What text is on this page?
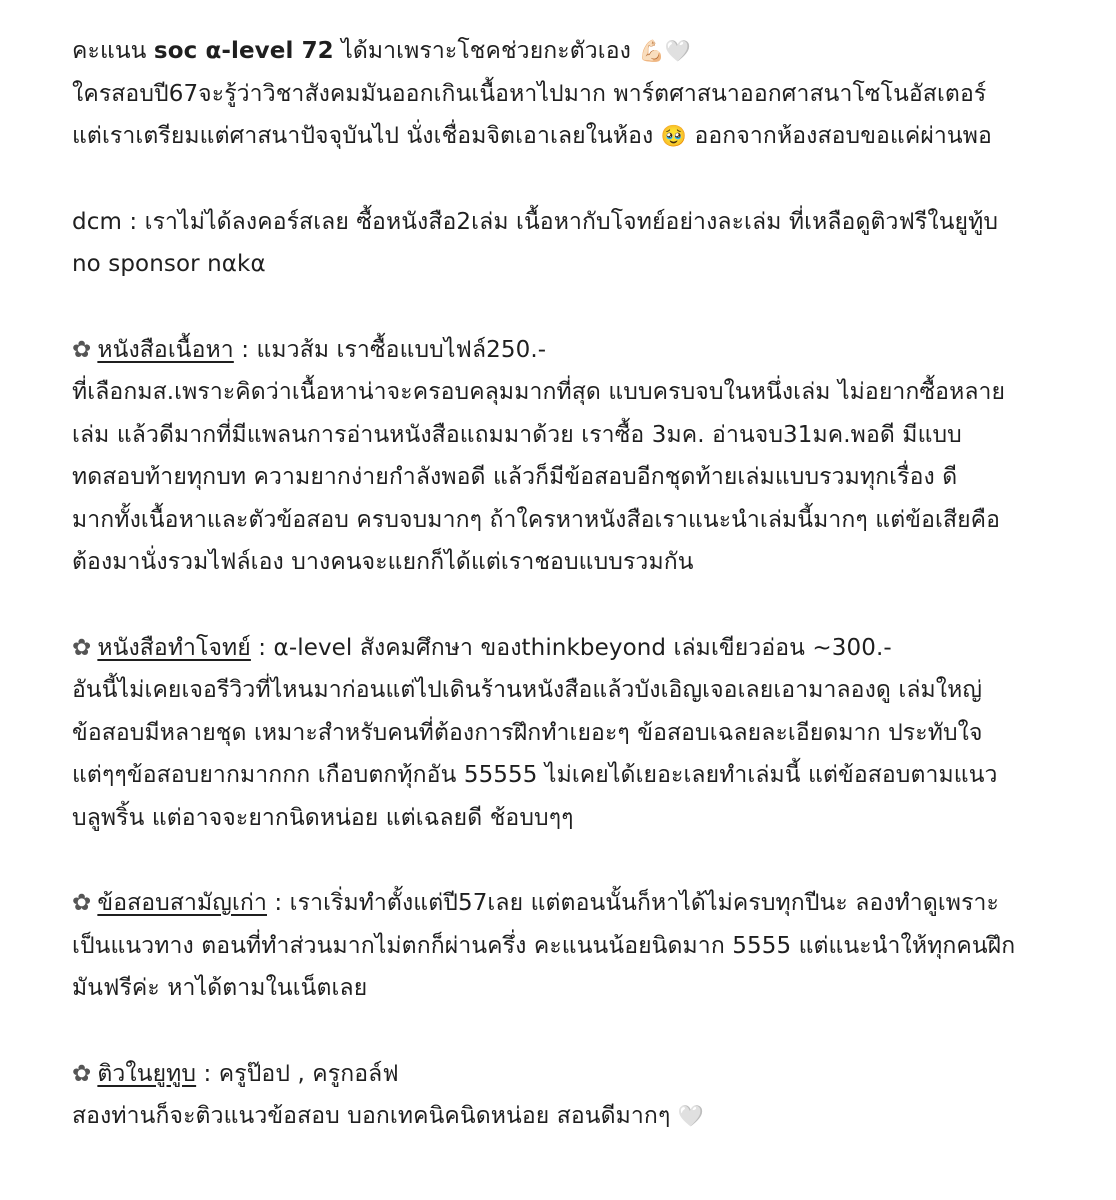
คะแนน soc α-level 72 ได้มาเพราะโชคช่วยกะตัวเอง 💪🏻🤍
ใครสอบปี67จะรู้ว่าวิชาสังคมมันออกเกินเนื้อหาไปมาก พาร์ตศาสนาออกศาสนาโซโนอัสเตอร์
แต่เราเตรียมแต่ศาสนาปัจจุบันไป นั่งเชื่อมจิตเอาเลยในห้อง 🥹 ออกจากห้องสอบขอแค่ผ่านพอ
dcm : เราไม่ได้ลงคอร์สเลย ซื้อหนังสือ2เล่ม เนื้อหากับโจทย์อย่างละเล่ม ที่เหลือดูติวฟรีในยูทู้บ
no sponsor nαkα
✿ หนังสือเนื้อหา : แมวส้ม เราซื้อแบบไฟล์250.-
ที่เลือกมส.เพราะคิดว่าเนื้อหาน่าจะครอบคลุมมากที่สุด แบบครบจบในหนึ่งเล่ม ไม่อยากซื้อหลาย
เล่ม แล้วดีมากที่มีแพลนการอ่านหนังสือแถมมาด้วย เราซื้อ 3มค. อ่านจบ31มค.พอดี มีแบบ
ทดสอบท้ายทุกบท ความยากง่ายกำลังพอดี แล้วก็มีข้อสอบอีกชุดท้ายเล่มแบบรวมทุกเรื่อง ดี
มากทั้งเนื้อหาและตัวข้อสอบ ครบจบมากๆ ถ้าใครหาหนังสือเราแนะนำเล่มนี้มากๆ แต่ข้อเสียคือ
ต้องมานั่งรวมไฟล์เอง บางคนจะแยกก็ได้แต่เราชอบแบบรวมกัน
✿ หนังสือทำโจทย์ : α-level สังคมศึกษา ของthinkbeyond เล่มเขียวอ่อน ~300.-
อันนี้ไม่เคยเจอรีวิวที่ไหนมาก่อนแต่ไปเดินร้านหนังสือแล้วบังเอิญเจอเลยเอามาลองดู เล่มใหญ่
ข้อสอบมีหลายชุด เหมาะสำหรับคนที่ต้องการฝึกทำเยอะๆ ข้อสอบเฉลยละเอียดมาก ประทับใจ
แต่ๆๆข้อสอบยากมากกก เกือบตกทุ้กอัน 55555 ไม่เคยได้เยอะเลยทำเล่มนี้ แต่ข้อสอบตามแนว
บลูพริ้น แต่อาจจะยากนิดหน่อย แต่เฉลยดี ช้อบบๆๆ
✿ ข้อสอบสามัญเก่า : เราเริ่มทำตั้งแต่ปี57เลย แต่ตอนนั้นก็หาได้ไม่ครบทุกปีนะ ลองทำดูเพราะ
เป็นแนวทาง ตอนที่ทำส่วนมากไม่ตกก็ผ่านครึ่ง คะแนนน้อยนิดมาก 5555 แต่แนะนำให้ทุกคนฝึก
มันฟรีค่ะ หาได้ตามในเน็ตเลย
✿ ติวในยูทูบ : ครูป๊อป , ครูกอล์ฟ
สองท่านก็จะติวแนวข้อสอบ บอกเทคนิคนิดหน่อย สอนดีมากๆ 🤍
